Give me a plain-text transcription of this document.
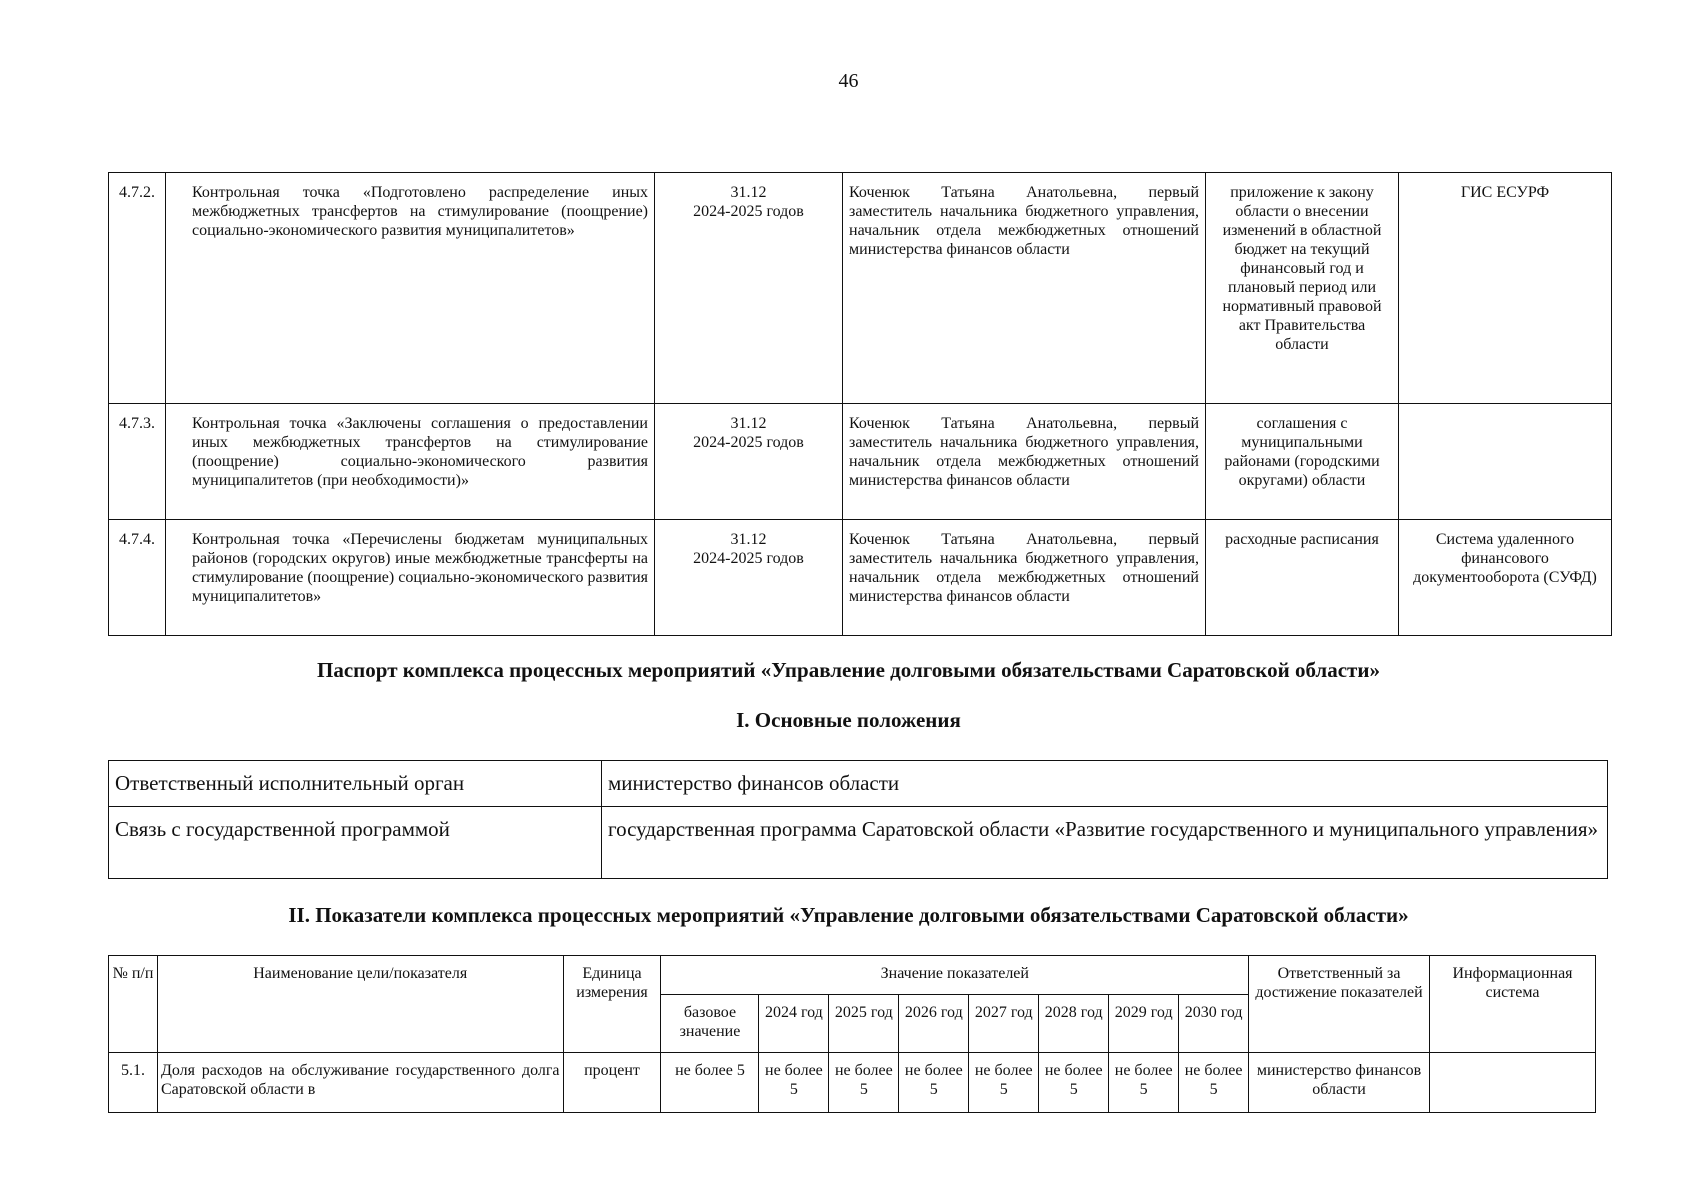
46
4.7.2.	Контрольная точка «Подготовлено распределение иных межбюджетных трансфертов на стимулирование (поощрение) социально-экономического развития муниципалитетов»	31.12
2024-2025 годов	Коченюк Татьяна Анатольевна, первый заместитель начальника бюджетного управления, начальник отдела межбюджетных отношений министерства финансов области	приложение к закону области о внесении изменений в областной бюджет на текущий финансовый год и плановый период или нормативный правовой акт Правительства области	ГИС ЕСУРФ
4.7.3.	Контрольная точка «Заключены соглашения о предоставлении иных межбюджетных трансфертов на стимулирование (поощрение) социально-экономического развития муниципалитетов (при необходимости)»	31.12
2024-2025 годов	Коченюк Татьяна Анатольевна, первый заместитель начальника бюджетного управления, начальник отдела межбюджетных отношений министерства финансов области	соглашения с муниципальными районами (городскими округами) области	
4.7.4.	Контрольная точка «Перечислены бюджетам муниципальных районов (городских округов) иные межбюджетные трансферты на стимулирование (поощрение) социально-экономического развития муниципалитетов»	31.12
2024-2025 годов	Коченюк Татьяна Анатольевна, первый заместитель начальника бюджетного управления, начальник отдела межбюджетных отношений министерства финансов области	расходные расписания	Система удаленного финансового документооборота (СУФД)
Паспорт комплекса процессных мероприятий «Управление долговыми обязательствами Саратовской области»
I. Основные положения
Ответственный исполнительный орган	министерство финансов области
Связь с государственной программой	государственная программа Саратовской области «Развитие государственного и муниципального управления»
II. Показатели комплекса процессных мероприятий «Управление долговыми обязательствами Саратовской области»
№ п/п	Наименование цели/показателя	Единица измерения	Значение показателей								Ответственный за достижение показателей	Информационная система
			базовое значение	2024 год	2025 год	2026 год	2027 год	2028 год	2029 год	2030 год		
5.1.	Доля расходов на обслуживание государственного долга Саратовской области в	процент	не более 5	не более 5	не более 5	не более 5	не более 5	не более 5	не более 5	не более 5	министерство финансов области	
